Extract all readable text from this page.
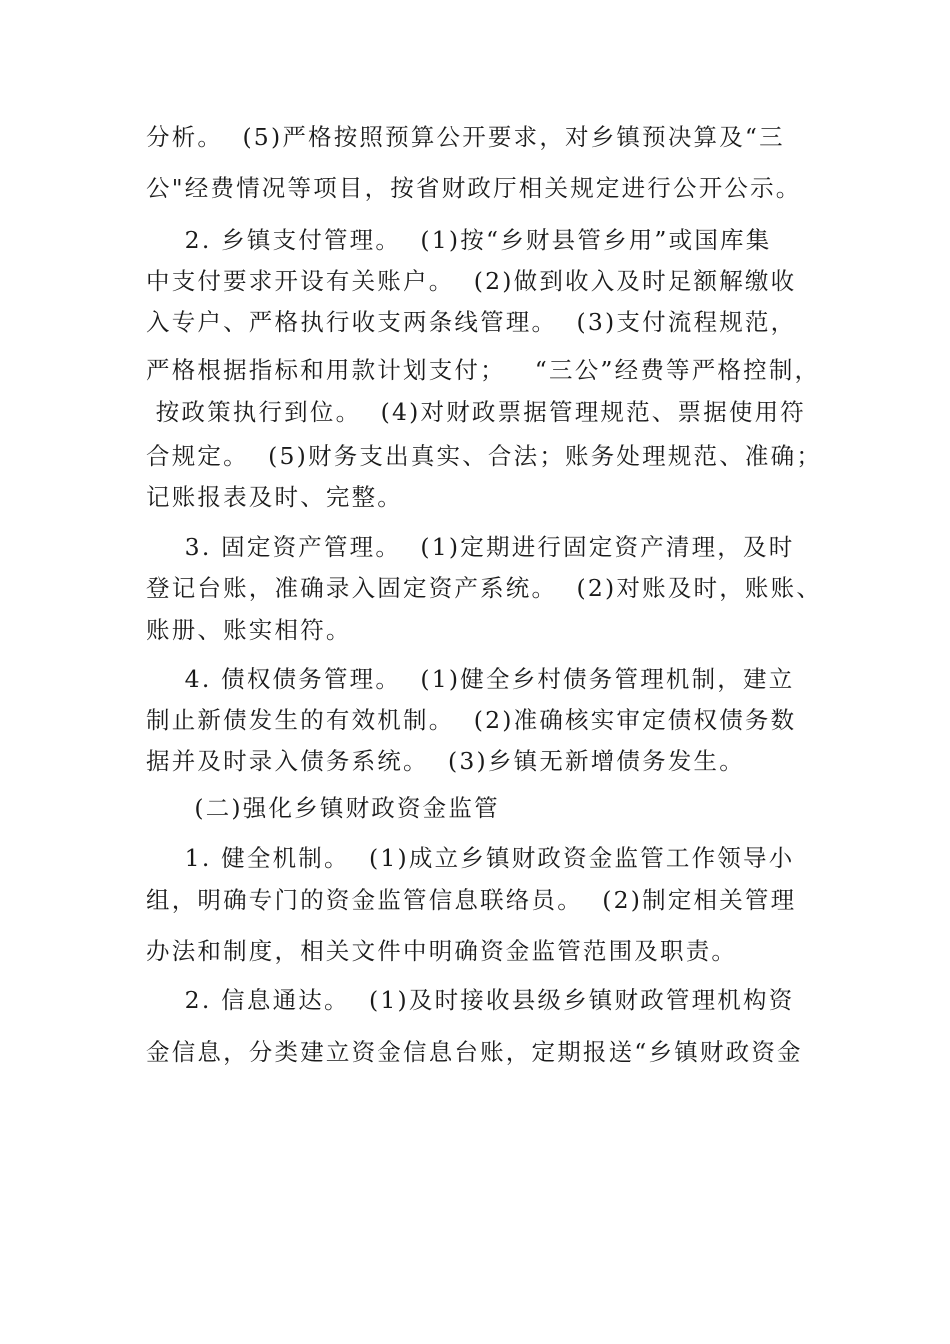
分析。  (5)严格按照预算公开要求，对乡镇预决算及“三
公"经费情况等项目，按省财政厅相关规定进行公开公示。
2. 乡镇支付管理。  (1)按“乡财县管乡用”或国库集
中支付要求开设有关账户。  (2)做到收入及时足额解缴收
入专户、严格执行收支两条线管理。  (3)支付流程规范，
严格根据指标和用款计划支付；   “三公”经费等严格控制，
按政策执行到位。  (4)对财政票据管理规范、票据使用符
合规定。  (5)财务支出真实、合法；账务处理规范、准确；
记账报表及时、完整。
3. 固定资产管理。  (1)定期进行固定资产清理，及时
登记台账，准确录入固定资产系统。  (2)对账及时，账账、
账册、账实相符。
4. 债权债务管理。  (1)健全乡村债务管理机制，建立
制止新债发生的有效机制。  (2)准确核实审定债权债务数
据并及时录入债务系统。  (3)乡镇无新增债务发生。
(二)强化乡镇财政资金监管
1. 健全机制。  (1)成立乡镇财政资金监管工作领导小
组，明确专门的资金监管信息联络员。  (2)制定相关管理
办法和制度，相关文件中明确资金监管范围及职责。
2. 信息通达。  (1)及时接收县级乡镇财政管理机构资
金信息，分类建立资金信息台账，定期报送“乡镇财政资金
